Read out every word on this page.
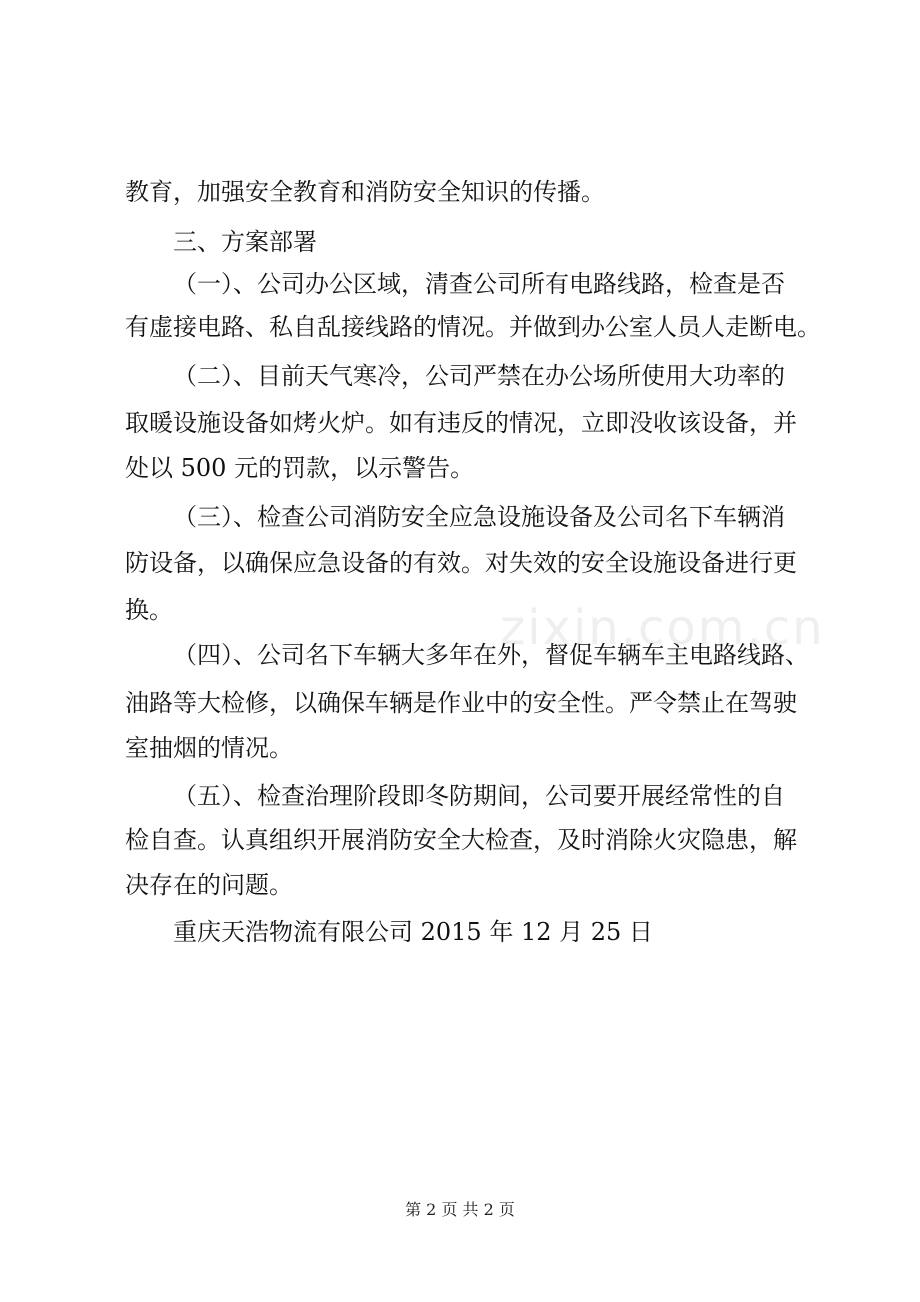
教育，加强安全教育和消防安全知识的传播。
三、方案部署
（一）、公司办公区域，清查公司所有电路线路，检查是否
有虚接电路、私自乱接线路的情况。并做到办公室人员人走断电。
（二）、目前天气寒冷，公司严禁在办公场所使用大功率的
取暖设施设备如烤火炉。如有违反的情况，立即没收该设备，并
处以 500 元的罚款，以示警告。
（三）、检查公司消防安全应急设施设备及公司名下车辆消
防设备，以确保应急设备的有效。对失效的安全设施设备进行更
换。
（四）、公司名下车辆大多年在外，督促车辆车主电路线路、
油路等大检修，以确保车辆是作业中的安全性。严令禁止在驾驶
室抽烟的情况。
（五）、检查治理阶段即冬防期间，公司要开展经常性的自
检自查。认真组织开展消防安全大检查，及时消除火灾隐患，解
决存在的问题。
重庆天浩物流有限公司 2015 年 12 月 25 日
zixin.com.cn
第 2 页 共 2 页
